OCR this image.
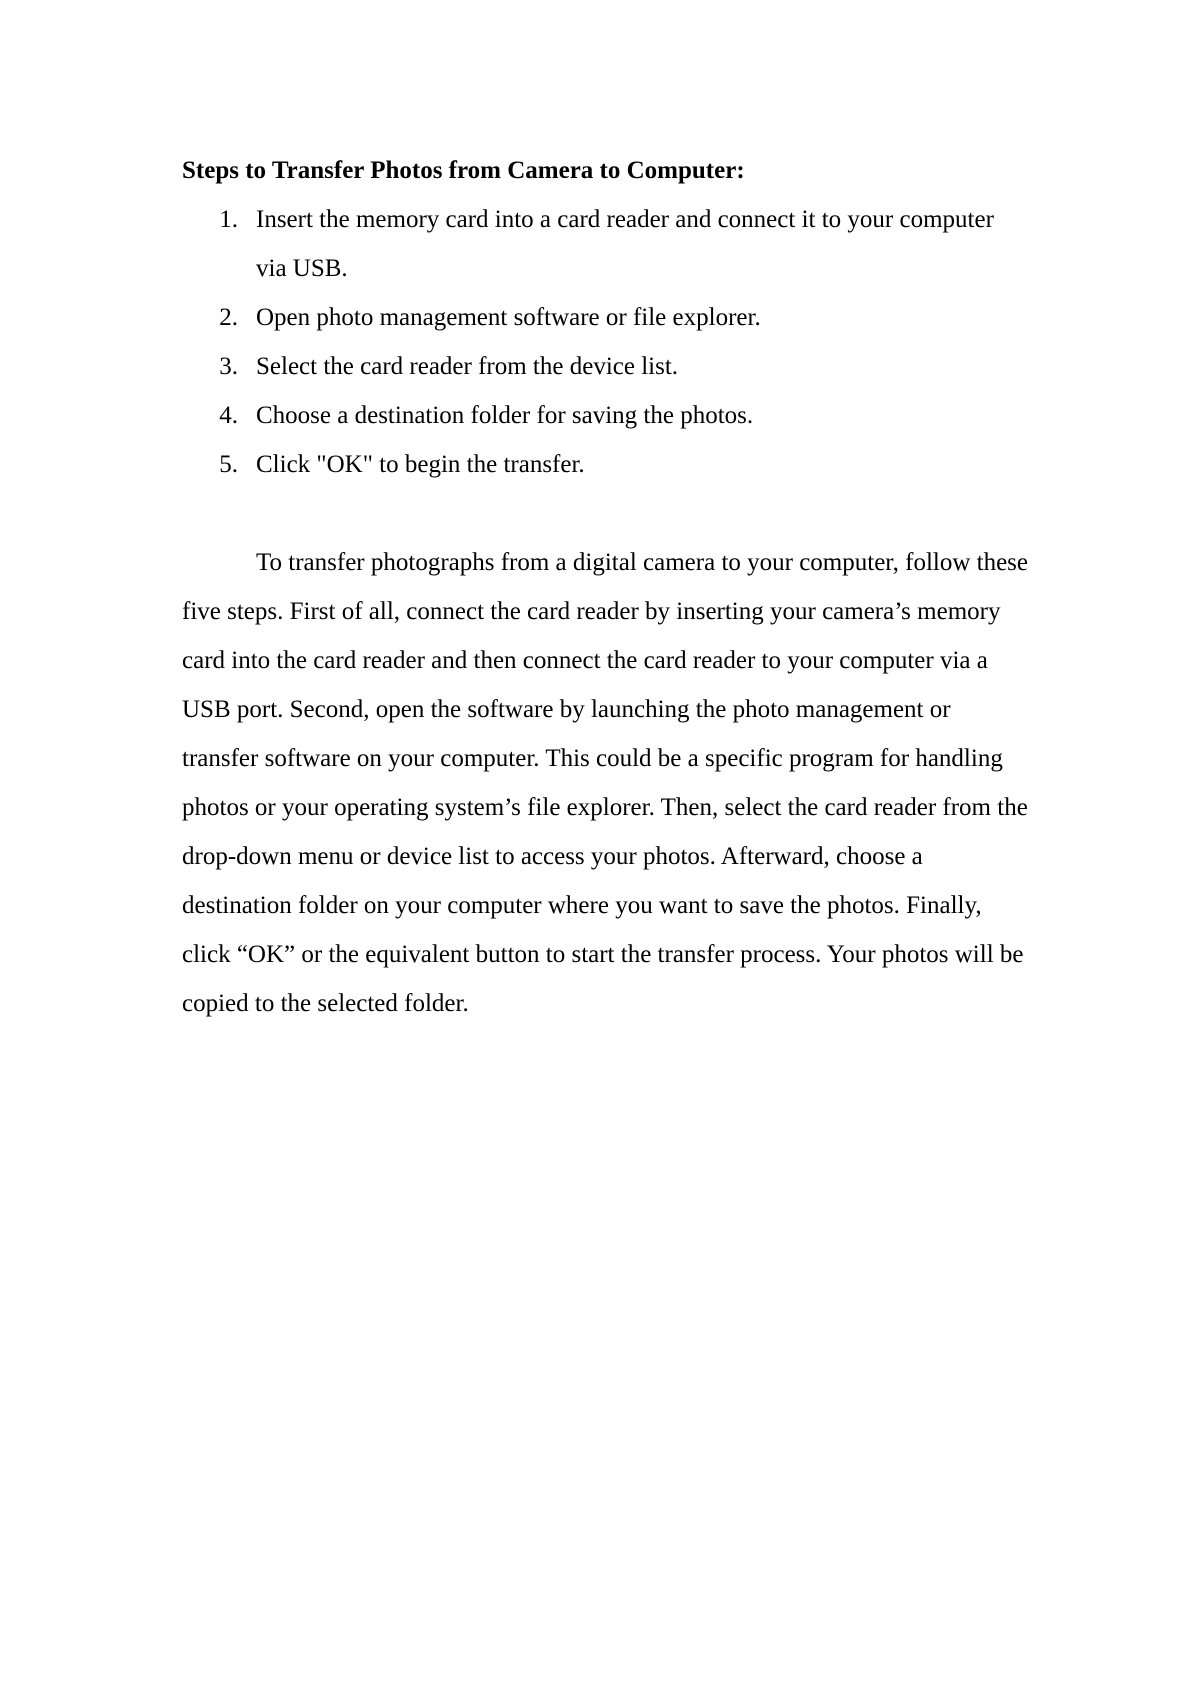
Steps to Transfer Photos from Camera to Computer:

1. Insert the memory card into a card reader and connect it to your computer via USB.
2. Open photo management software or file explorer.
3. Select the card reader from the device list.
4. Choose a destination folder for saving the photos.
5. Click "OK" to begin the transfer.

To transfer photographs from a digital camera to your computer, follow these five steps. First of all, connect the card reader by inserting your camera’s memory card into the card reader and then connect the card reader to your computer via a USB port. Second, open the software by launching the photo management or transfer software on your computer. This could be a specific program for handling photos or your operating system’s file explorer. Then, select the card reader from the drop-down menu or device list to access your photos. Afterward, choose a destination folder on your computer where you want to save the photos. Finally, click “OK” or the equivalent button to start the transfer process. Your photos will be copied to the selected folder.
